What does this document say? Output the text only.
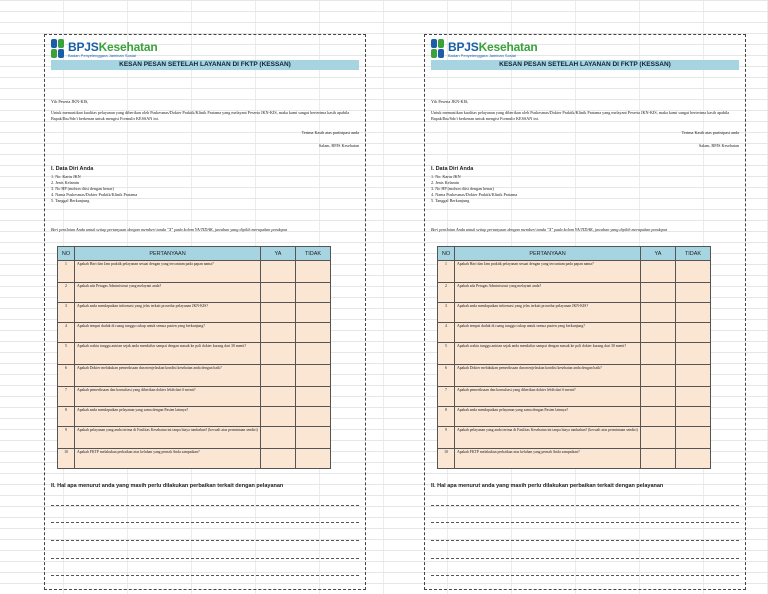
BPJSKesehatan
Badan Penyelenggara Jaminan Sosial
KESAN PESAN SETELAH LAYANAN DI FKTP (KESSAN)
Yth Peserta JKN-KIS,
Untuk memastikan kualitas pelayanan yang diberikan oleh Puskesmas/Dokter Praktik/Klinik Pratama yang melayani Peserta JKN-KIS, maka kami sangat berterima kasih apabila Bapak/Ibu/Sdr/i berkenan untuk mengisi Formulir KESSAN ini.
Terima Kasih atas partisipasi anda
Salam, BPJS Kesehatan
I. Data Diri Anda
1. No. Kartu JKN
2. Jenis Kelamin
3. No HP (mohon diisi dengan benar)
4. Nama Puskesmas/Dokter Praktik/Klinik Pratama
5. Tanggal Berkunjung
Beri penilaian Anda untuk setiap pertanyaan dengan memberi tanda "X" pada kolom YA/TIDAK, jawaban yang dipilih merupakan pendapat
NO	PERTANYAAN	YA	TIDAK
1	Apakah Hari dan Jam praktik pelayanan sesuai dengan yang tercantum pada papan nama?		
2	Apakah ada Petugas Administrasi yang melayani anda?		
3	Apakah anda mendapatkan informasi yang jelas terkait prosedur pelayanan JKN-KIS?		
4	Apakah tempat duduk di ruang tunggu cukup untuk semua pasien yang berkunjung?		
5	Apakah waktu tunggu antrian sejak anda mendaftar sampai dengan masuk ke poli dokter kurang dari 30 menit?		
6	Apakah Dokter melakukan pemeriksaan dan menjelaskan kondisi kesehatan anda dengan baik?		
7	Apakah pemeriksaan dan konsultasi yang diberikan dokter lebih dari 6 menit?		
8	Apakah anda mendapatkan pelayanan yang sama dengan Pasien lainnya?		
9	Apakah pelayanan yang anda terima di Fasilitas Kesehatan ini tanpa biaya tambahan? (kecuali atas permintaan sendiri)		
10	Apakah FKTP melakukan perbaikan atas keluhan yang pernah Anda sampaikan?		
II. Hal apa menurut anda yang masih perlu dilakukan perbaikan terkait dengan pelayanan
BPJSKesehatan
Badan Penyelenggara Jaminan Sosial
KESAN PESAN SETELAH LAYANAN DI FKTP (KESSAN)
Yth Peserta JKN-KIS,
Untuk memastikan kualitas pelayanan yang diberikan oleh Puskesmas/Dokter Praktik/Klinik Pratama yang melayani Peserta JKN-KIS, maka kami sangat berterima kasih apabila Bapak/Ibu/Sdr/i berkenan untuk mengisi Formulir KESSAN ini.
Terima Kasih atas partisipasi anda
Salam, BPJS Kesehatan
I. Data Diri Anda
1. No. Kartu JKN
2. Jenis Kelamin
3. No HP (mohon diisi dengan benar)
4. Nama Puskesmas/Dokter Praktik/Klinik Pratama
5. Tanggal Berkunjung
Beri penilaian Anda untuk setiap pertanyaan dengan memberi tanda "X" pada kolom YA/TIDAK, jawaban yang dipilih merupakan pendapat
NO	PERTANYAAN	YA	TIDAK
1	Apakah Hari dan Jam praktik pelayanan sesuai dengan yang tercantum pada papan nama?		
2	Apakah ada Petugas Administrasi yang melayani anda?		
3	Apakah anda mendapatkan informasi yang jelas terkait prosedur pelayanan JKN-KIS?		
4	Apakah tempat duduk di ruang tunggu cukup untuk semua pasien yang berkunjung?		
5	Apakah waktu tunggu antrian sejak anda mendaftar sampai dengan masuk ke poli dokter kurang dari 30 menit?		
6	Apakah Dokter melakukan pemeriksaan dan menjelaskan kondisi kesehatan anda dengan baik?		
7	Apakah pemeriksaan dan konsultasi yang diberikan dokter lebih dari 6 menit?		
8	Apakah anda mendapatkan pelayanan yang sama dengan Pasien lainnya?		
9	Apakah pelayanan yang anda terima di Fasilitas Kesehatan ini tanpa biaya tambahan? (kecuali atas permintaan sendiri)		
10	Apakah FKTP melakukan perbaikan atas keluhan yang pernah Anda sampaikan?		
II. Hal apa menurut anda yang masih perlu dilakukan perbaikan terkait dengan pelayanan
